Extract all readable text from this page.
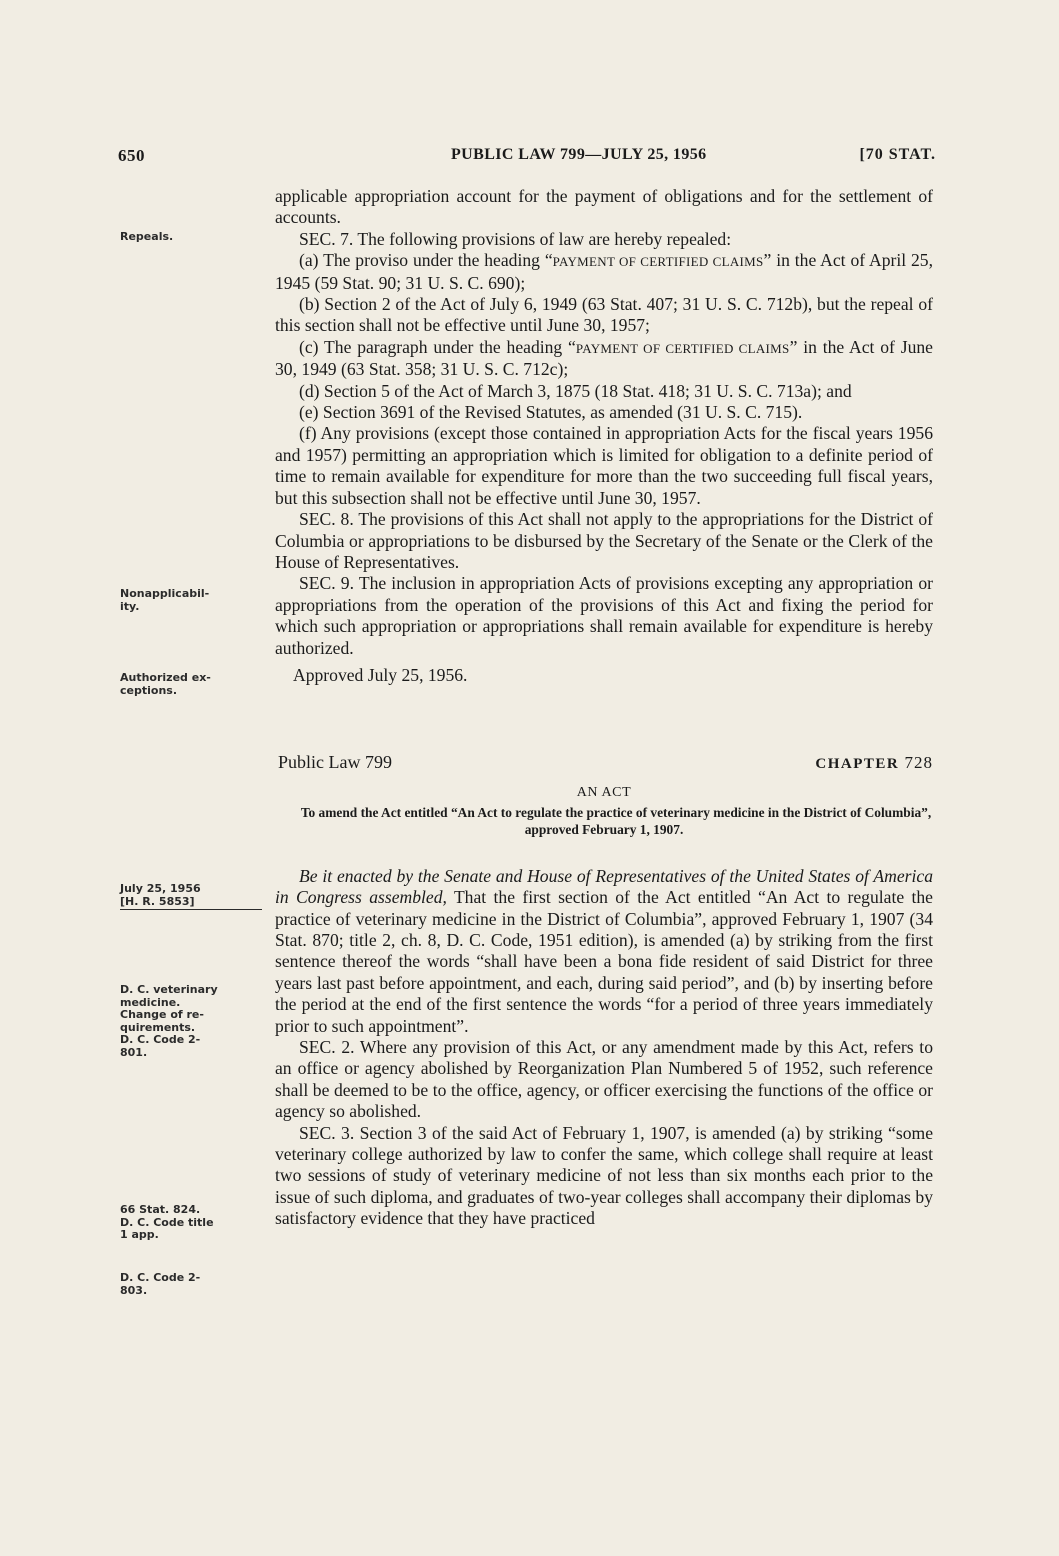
650	PUBLIC LAW 799—JULY 25, 1956	[70 STAT.
Repeals.
Nonapplicabil-
ity.
Authorized ex-
ceptions.
July 25, 1956
[H. R. 5853]
D. C. veterinary
medicine.
Change of re-
quirements.
D. C. Code 2-
801.
66 Stat. 824.
D. C. Code title
1 app.
D. C. Code 2-
803.

applicable appropriation account for the payment of obligations and for the settlement of accounts.

SEC. 7. The following provisions of law are hereby repealed:

(a) The proviso under the heading “PAYMENT OF CERTIFIED CLAIMS” in the Act of April 25, 1945 (59 Stat. 90; 31 U. S. C. 690);

(b) Section 2 of the Act of July 6, 1949 (63 Stat. 407; 31 U. S. C. 712b), but the repeal of this section shall not be effective until June 30, 1957;

(c) The paragraph under the heading “PAYMENT OF CERTIFIED CLAIMS” in the Act of June 30, 1949 (63 Stat. 358; 31 U. S. C. 712c);

(d) Section 5 of the Act of March 3, 1875 (18 Stat. 418; 31 U. S. C. 713a); and

(e) Section 3691 of the Revised Statutes, as amended (31 U. S. C. 715).

(f) Any provisions (except those contained in appropriation Acts for the fiscal years 1956 and 1957) permitting an appropriation which is limited for obligation to a definite period of time to remain available for expenditure for more than the two succeeding full fiscal years, but this subsection shall not be effective until June 30, 1957.

SEC. 8. The provisions of this Act shall not apply to the appropriations for the District of Columbia or appropriations to be disbursed by the Secretary of the Senate or the Clerk of the House of Representatives.

SEC. 9. The inclusion in appropriation Acts of provisions excepting any appropriation or appropriations from the operation of the provisions of this Act and fixing the period for which such appropriation or appropriations shall remain available for expenditure is hereby authorized.

Approved July 25, 1956.

Public Law 799	CHAPTER 728
AN ACT

To amend the Act entitled “An Act to regulate the practice of veterinary medicine in the District of Columbia”, approved February 1, 1907.

Be it enacted by the Senate and House of Representatives of the United States of America in Congress assembled, That the first section of the Act entitled “An Act to regulate the practice of veterinary medicine in the District of Columbia”, approved February 1, 1907 (34 Stat. 870; title 2, ch. 8, D. C. Code, 1951 edition), is amended (a) by striking from the first sentence thereof the words “shall have been a bona fide resident of said District for three years last past before appointment, and each, during said period”, and (b) by inserting before the period at the end of the first sentence the words “for a period of three years immediately prior to such appointment”.

SEC. 2. Where any provision of this Act, or any amendment made by this Act, refers to an office or agency abolished by Reorganization Plan Numbered 5 of 1952, such reference shall be deemed to be to the office, agency, or officer exercising the functions of the office or agency so abolished.

SEC. 3. Section 3 of the said Act of February 1, 1907, is amended (a) by striking “some veterinary college authorized by law to confer the same, which college shall require at least two sessions of study of veterinary medicine of not less than six months each prior to the issue of such diploma, and graduates of two-year colleges shall accompany their diplomas by satisfactory evidence that they have practiced
